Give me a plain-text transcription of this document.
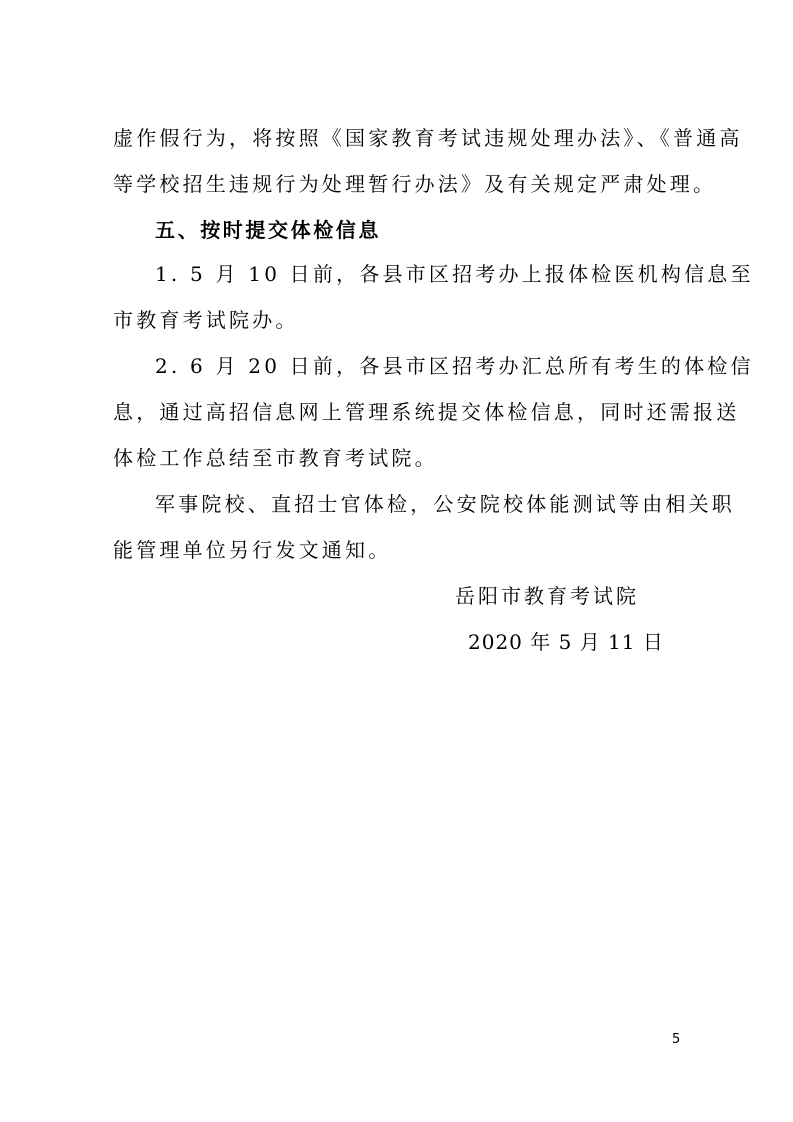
虚作假行为，将按照《国家教育考试违规处理办法》、《普通高
等学校招生违规行为处理暂行办法》及有关规定严肃处理。
五、按时提交体检信息
1. 5 月 10 日前，各县市区招考办上报体检医机构信息至
市教育考试院办。
2. 6 月 20 日前，各县市区招考办汇总所有考生的体检信
息，通过高招信息网上管理系统提交体检信息，同时还需报送
体检工作总结至市教育考试院。
军事院校、直招士官体检，公安院校体能测试等由相关职
能管理单位另行发文通知。
岳阳市教育考试院
2020 年 5 月 11 日
5
